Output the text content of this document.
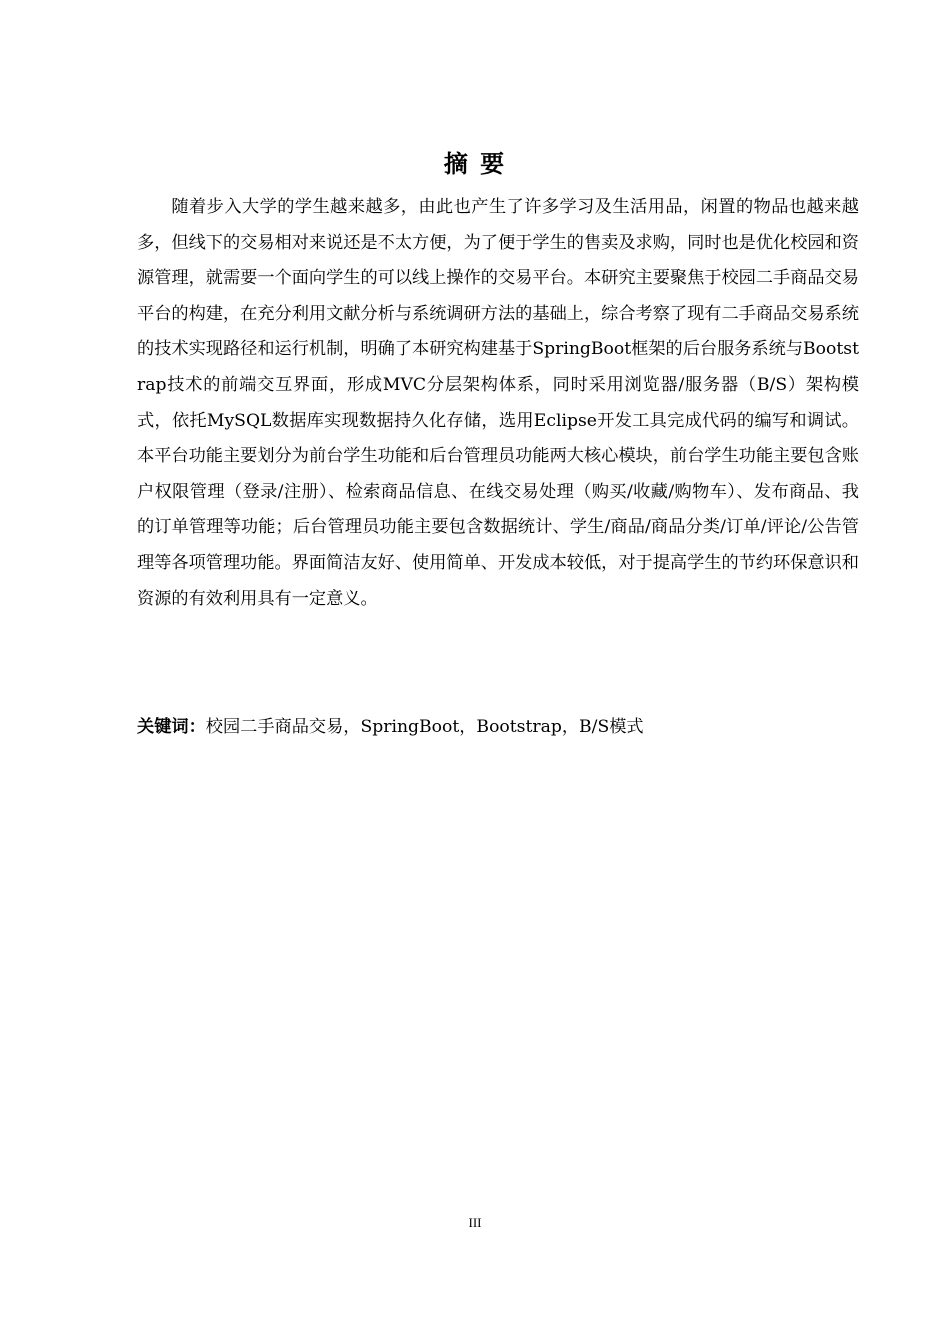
摘 要
随着步入大学的学生越来越多，由此也产生了许多学习及生活用品，闲置的物品也越来越多，但线下的交易相对来说还是不太方便，为了便于学生的售卖及求购，同时也是优化校园和资源管理，就需要一个面向学生的可以线上操作的交易平台。本研究主要聚焦于校园二手商品交易平台的构建，在充分利用文献分析与系统调研方法的基础上，综合考察了现有二手商品交易系统的技术实现路径和运行机制，明确了本研究构建基于SpringBoot框架的后台服务系统与Bootstrap技术的前端交互界面，形成MVC分层架构体系，同时采用浏览器/服务器（B/S）架构模式，依托MySQL数据库实现数据持久化存储，选用Eclipse开发工具完成代码的编写和调试。本平台功能主要划分为前台学生功能和后台管理员功能两大核心模块，前台学生功能主要包含账户权限管理（登录/注册）、检索商品信息、在线交易处理（购买/收藏/购物车）、发布商品、我的订单管理等功能；后台管理员功能主要包含数据统计、学生/商品/商品分类/订单/评论/公告管理等各项管理功能。界面简洁友好、使用简单、开发成本较低，对于提高学生的节约环保意识和资源的有效利用具有一定意义。
关键词：校园二手商品交易，SpringBoot，Bootstrap，B/S模式
III
